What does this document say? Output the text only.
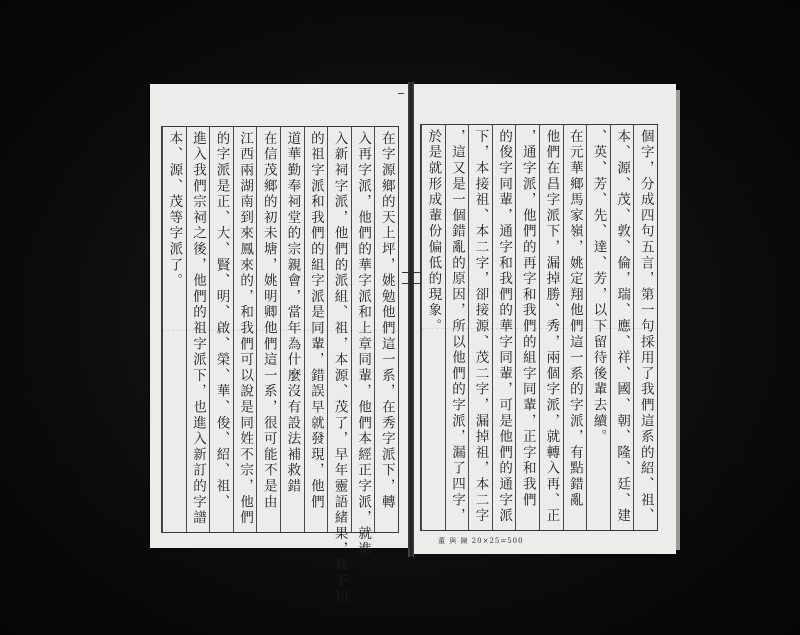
在字源鄉的天上坪，姚勉他們這一系，在秀字派下，轉
入再字派，他們的華字派和上章同輩，他們本經正字派，就進
入新祠字派，他們的派組、祖，本源、茂了，早年靈語緒果，我不知
的祖字派和我們的組字派是同輩，錯誤早就發現，他們
道華勤奉祠堂的宗親會，當年為什麼沒有設法補救錯
在信茂鄉的初未塘，姚明卿他們這一系，很可能不是由
江西兩湖南到來鳳來的，和我們可以說是同姓不宗，他們
的字派是正、大、賢、明、啟、榮、華、俊、紹、祖、
進入我們宗祠之後，他們的祖字派下，也進入新訂的字譜
本、源、茂等字派了。	個字，分成四句五言，第一句採用了我們這系的紹、祖、
本、源、茂、敦、倫，瑞、應、祥、國、朝、隆、廷、建
、英、芳、先、達、芳，以下留待後輩去續。
在元華鄉馬家嶺，姚定翔他們這一系的字派，有點錯亂
他們在昌字派下，漏掉勝、秀，兩個字派，就轉入再、正
，通字派，他們的再字和我們的組字同輩，正字和我們
的俊字同輩，通字和我們的華字同輩，可是他們的通字派
下，本接祖、本二字，卻接源、茂二字，漏掉祖，本二字
，這又是一個錯亂的原因，所以他們的字派，漏了四字，
於是就形成輩份偏低的現象。
董 與 陳 20×25=500
